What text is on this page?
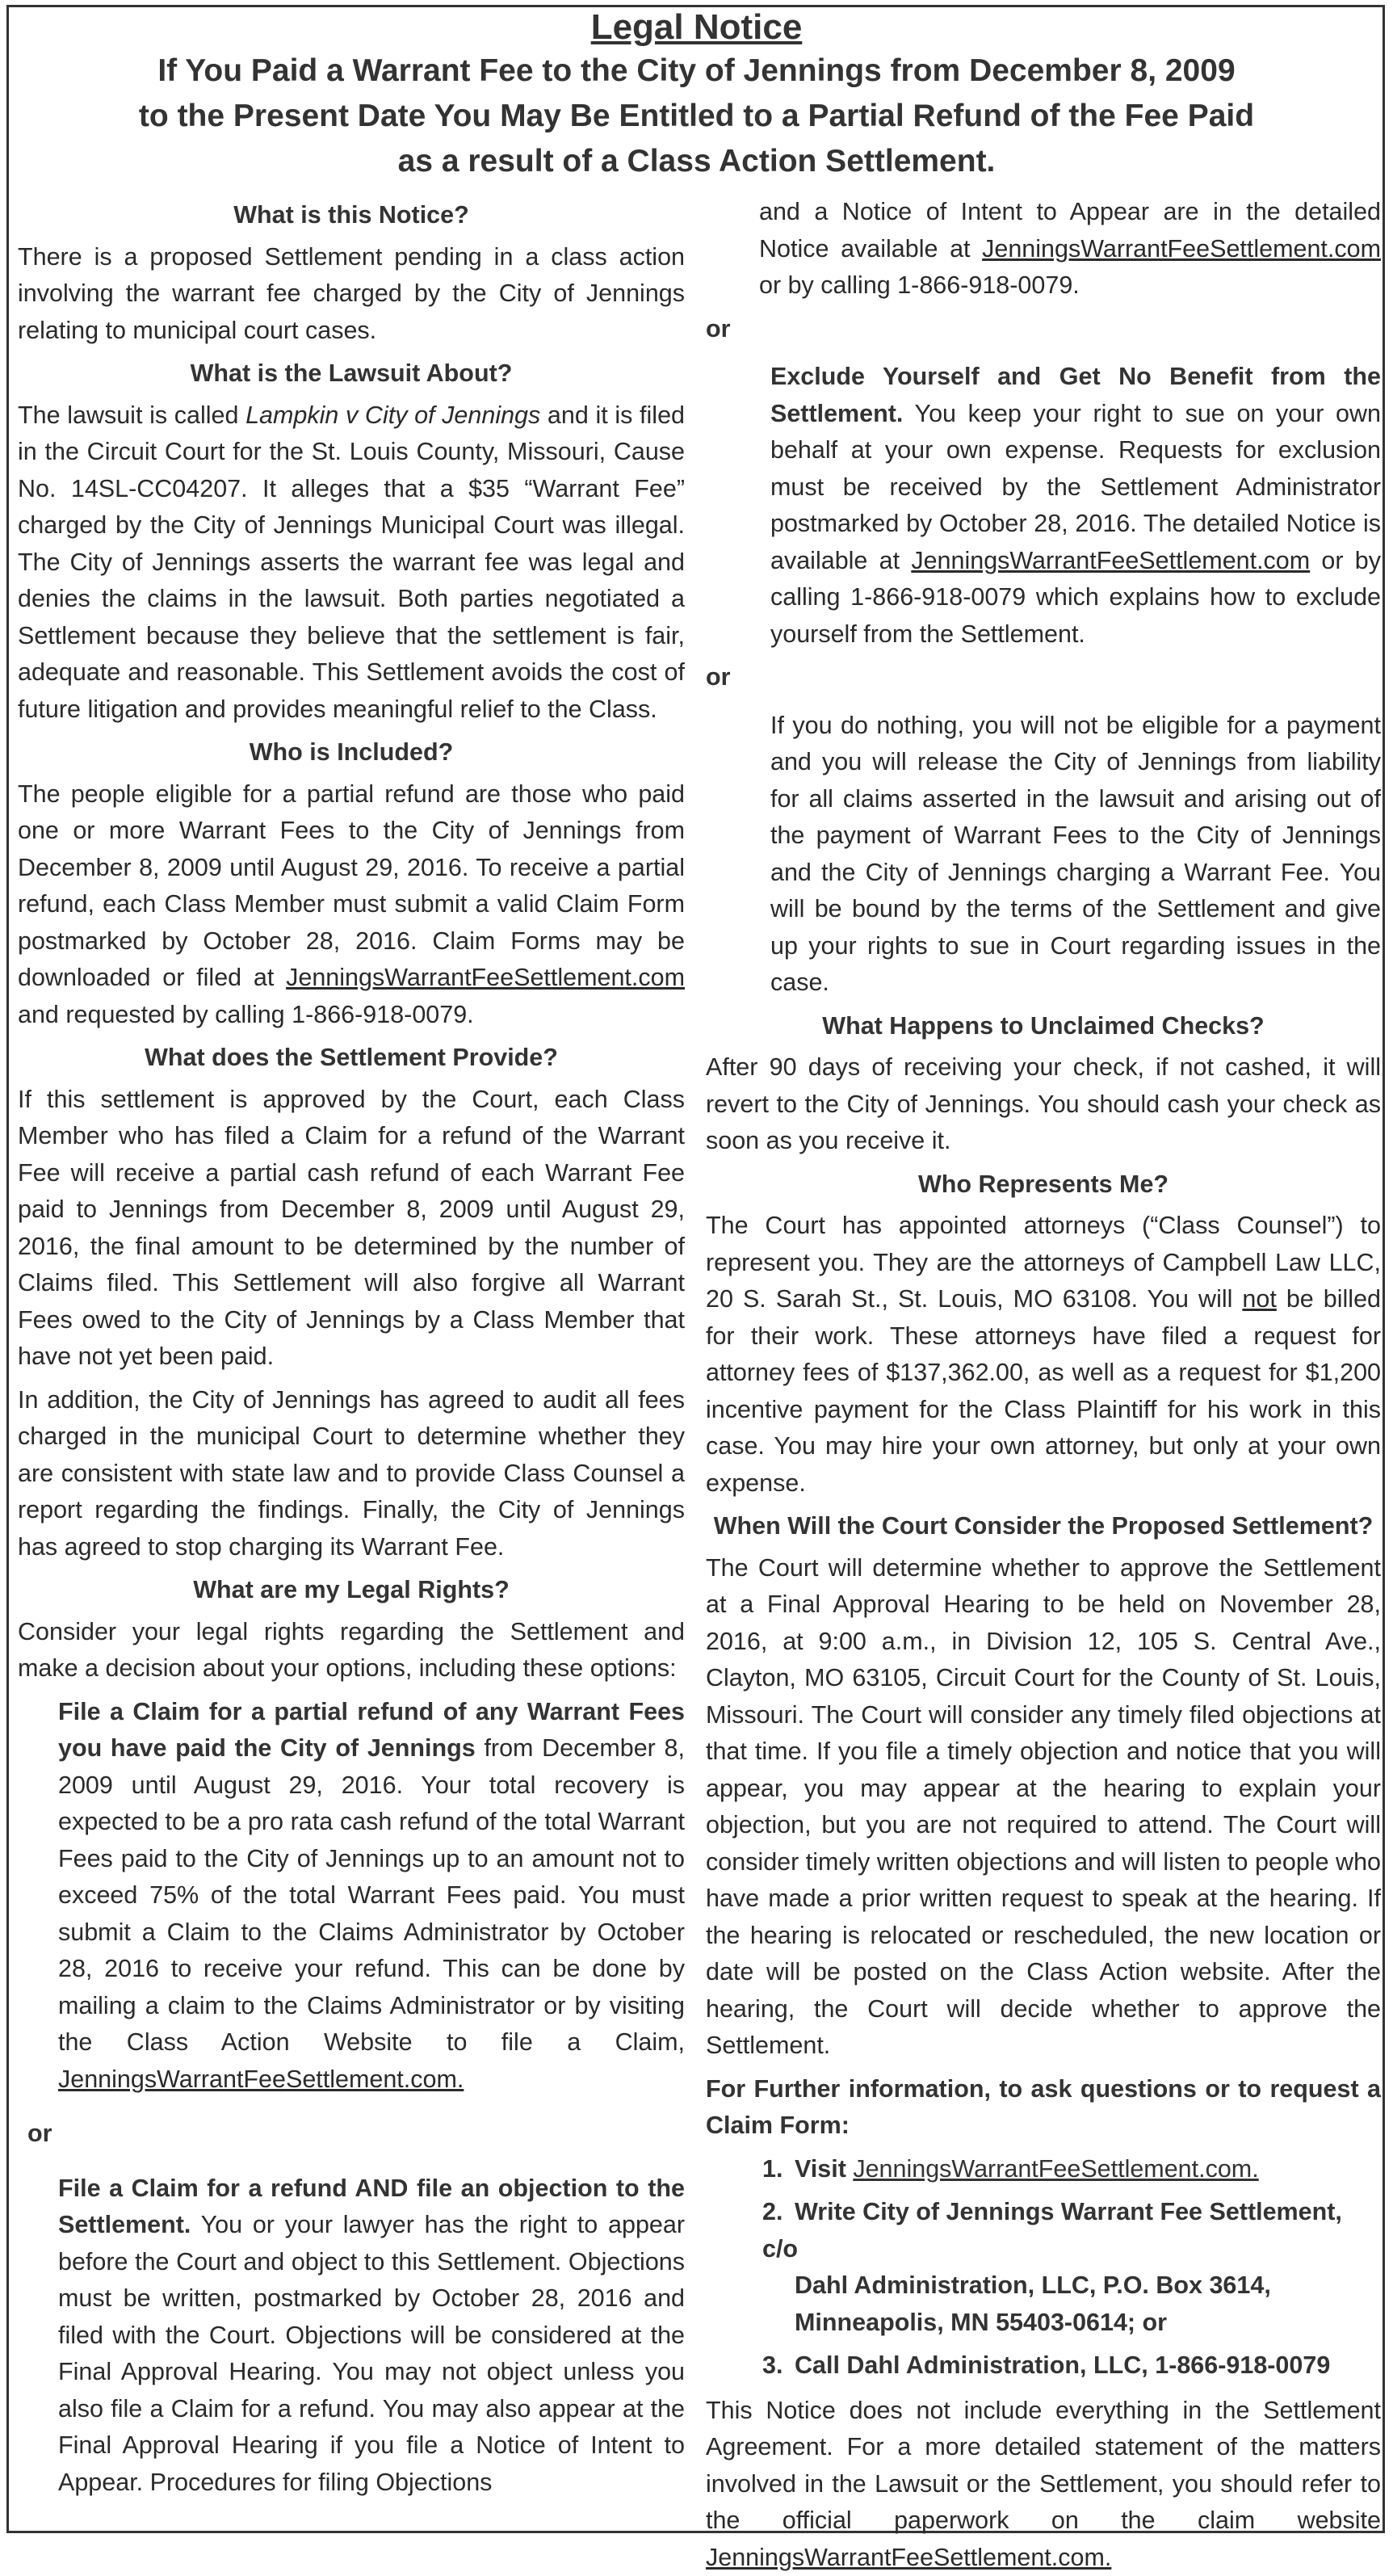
Legal Notice
If You Paid a Warrant Fee to the City of Jennings from December 8, 2009
to the Present Date You May Be Entitled to a Partial Refund of the Fee Paid
as a result of a Class Action Settlement.
What is this Notice?
There is a proposed Settlement pending in a class action involving the warrant fee charged by the City of Jennings relating to municipal court cases.
What is the Lawsuit About?
The lawsuit is called Lampkin v City of Jennings and it is filed in the Circuit Court for the St. Louis County, Missouri, Cause No. 14SL-CC04207. It alleges that a $35 “Warrant Fee” charged by the City of Jennings Municipal Court was illegal. The City of Jennings asserts the warrant fee was legal and denies the claims in the lawsuit. Both parties negotiated a Settlement because they believe that the settlement is fair, adequate and reasonable. This Settlement avoids the cost of future litigation and provides meaningful relief to the Class.
Who is Included?
The people eligible for a partial refund are those who paid one or more Warrant Fees to the City of Jennings from December 8, 2009 until August 29, 2016. To receive a partial refund, each Class Member must submit a valid Claim Form postmarked by October 28, 2016. Claim Forms may be downloaded or filed at JenningsWarrantFeeSettlement.com and requested by calling 1-866-918-0079.
What does the Settlement Provide?
If this settlement is approved by the Court, each Class Member who has filed a Claim for a refund of the Warrant Fee will receive a partial cash refund of each Warrant Fee paid to Jennings from December 8, 2009 until August 29, 2016, the final amount to be determined by the number of Claims filed. This Settlement will also forgive all Warrant Fees owed to the City of Jennings by a Class Member that have not yet been paid.
In addition, the City of Jennings has agreed to audit all fees charged in the municipal Court to determine whether they are consistent with state law and to provide Class Counsel a report regarding the findings. Finally, the City of Jennings has agreed to stop charging its Warrant Fee.
What are my Legal Rights?
Consider your legal rights regarding the Settlement and make a decision about your options, including these options:
File a Claim for a partial refund of any Warrant Fees you have paid the City of Jennings from December 8, 2009 until August 29, 2016. Your total recovery is expected to be a pro rata cash refund of the total Warrant Fees paid to the City of Jennings up to an amount not to exceed 75% of the total Warrant Fees paid. You must submit a Claim to the Claims Administrator by October 28, 2016 to receive your refund. This can be done by mailing a claim to the Claims Administrator or by visiting the Class Action Website to file a Claim, JenningsWarrantFeeSettlement.com.
or
File a Claim for a refund AND file an objection to the Settlement. You or your lawyer has the right to appear before the Court and object to this Settlement. Objections must be written, postmarked by October 28, 2016 and filed with the Court. Objections will be considered at the Final Approval Hearing. You may not object unless you also file a Claim for a refund. You may also appear at the Final Approval Hearing if you file a Notice of Intent to Appear. Procedures for filing Objections
and a Notice of Intent to Appear are in the detailed Notice available at JenningsWarrantFeeSettlement.com or by calling 1-866-918-0079.
or
Exclude Yourself and Get No Benefit from the Settlement. You keep your right to sue on your own behalf at your own expense. Requests for exclusion must be received by the Settlement Administrator postmarked by October 28, 2016. The detailed Notice is available at JenningsWarrantFeeSettlement.com or by calling 1-866-918-0079 which explains how to exclude yourself from the Settlement.
or
If you do nothing, you will not be eligible for a payment and you will release the City of Jennings from liability for all claims asserted in the lawsuit and arising out of the payment of Warrant Fees to the City of Jennings and the City of Jennings charging a Warrant Fee. You will be bound by the terms of the Settlement and give up your rights to sue in Court regarding issues in the case.
What Happens to Unclaimed Checks?
After 90 days of receiving your check, if not cashed, it will revert to the City of Jennings. You should cash your check as soon as you receive it.
Who Represents Me?
The Court has appointed attorneys (“Class Counsel”) to represent you. They are the attorneys of Campbell Law LLC, 20 S. Sarah St., St. Louis, MO 63108. You will not be billed for their work. These attorneys have filed a request for attorney fees of $137,362.00, as well as a request for $1,200 incentive payment for the Class Plaintiff for his work in this case. You may hire your own attorney, but only at your own expense.
When Will the Court Consider the Proposed Settlement?
The Court will determine whether to approve the Settlement at a Final Approval Hearing to be held on November 28, 2016, at 9:00 a.m., in Division 12, 105 S. Central Ave., Clayton, MO 63105, Circuit Court for the County of St. Louis, Missouri. The Court will consider any timely filed objections at that time. If you file a timely objection and notice that you will appear, you may appear at the hearing to explain your objection, but you are not required to attend. The Court will consider timely written objections and will listen to people who have made a prior written request to speak at the hearing. If the hearing is relocated or rescheduled, the new location or date will be posted on the Class Action website. After the hearing, the Court will decide whether to approve the Settlement.
For Further information, to ask questions or to request a Claim Form:
1. Visit JenningsWarrantFeeSettlement.com.
2. Write City of Jennings Warrant Fee Settlement, c/o
Dahl Administration, LLC, P.O. Box 3614,
Minneapolis, MN 55403-0614; or
3. Call Dahl Administration, LLC, 1-866-918-0079
This Notice does not include everything in the Settlement Agreement. For a more detailed statement of the matters involved in the Lawsuit or the Settlement, you should refer to the official paperwork on the claim website
JenningsWarrantFeeSettlement.com.
